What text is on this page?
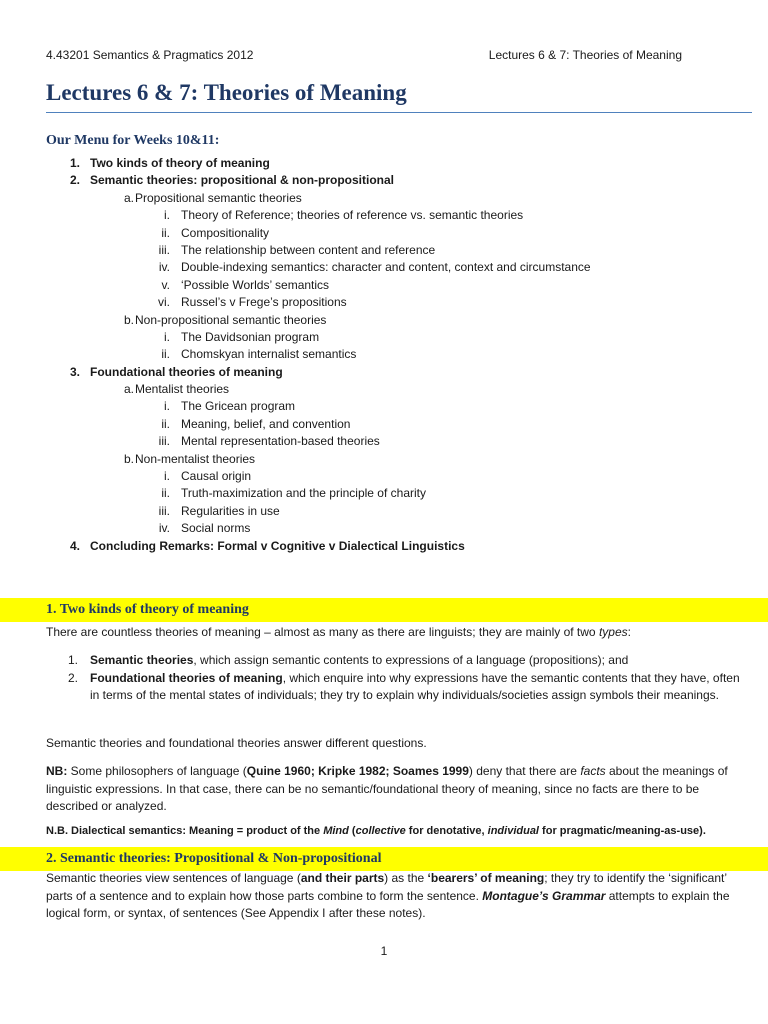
4.43201 Semantics & Pragmatics 2012	Lectures 6 & 7: Theories of Meaning
Lectures 6 & 7: Theories of Meaning
Our Menu for Weeks 10&11:
1. Two kinds of theory of meaning
2. Semantic theories: propositional & non-propositional
a. Propositional semantic theories
i. Theory of Reference; theories of reference vs. semantic theories
ii. Compositionality
iii. The relationship between content and reference
iv. Double-indexing semantics: character and content, context and circumstance
v. ‘Possible Worlds’ semantics
vi. Russel’s v Frege’s propositions
b. Non-propositional semantic theories
i. The Davidsonian program
ii. Chomskyan internalist semantics
3. Foundational theories of meaning
a. Mentalist theories
i. The Gricean program
ii. Meaning, belief, and convention
iii. Mental representation-based theories
b. Non-mentalist theories
i. Causal origin
ii. Truth-maximization and the principle of charity
iii. Regularities in use
iv. Social norms
4. Concluding Remarks: Formal v Cognitive v Dialectical Linguistics
1. Two kinds of theory of meaning
There are countless theories of meaning – almost as many as there are linguists; they are mainly of two types:
1. Semantic theories, which assign semantic contents to expressions of a language (propositions); and
2. Foundational theories of meaning, which enquire into why expressions have the semantic contents that they have, often in terms of the mental states of individuals; they try to explain why individuals/societies assign symbols their meanings.
Semantic theories and foundational theories answer different questions.
NB: Some philosophers of language (Quine 1960; Kripke 1982; Soames 1999) deny that there are facts about the meanings of linguistic expressions. In that case, there can be no semantic/foundational theory of meaning, since no facts are there to be described or analyzed.
N.B. Dialectical semantics: Meaning = product of the Mind (collective for denotative, individual for pragmatic/meaning-as-use).
2. Semantic theories: Propositional & Non-propositional
Semantic theories view sentences of language (and their parts) as the ‘bearers’ of meaning; they try to identify the ‘significant’ parts of a sentence and to explain how those parts combine to form the sentence. Montague’s Grammar attempts to explain the logical form, or syntax, of sentences (See Appendix I after these notes).
1
